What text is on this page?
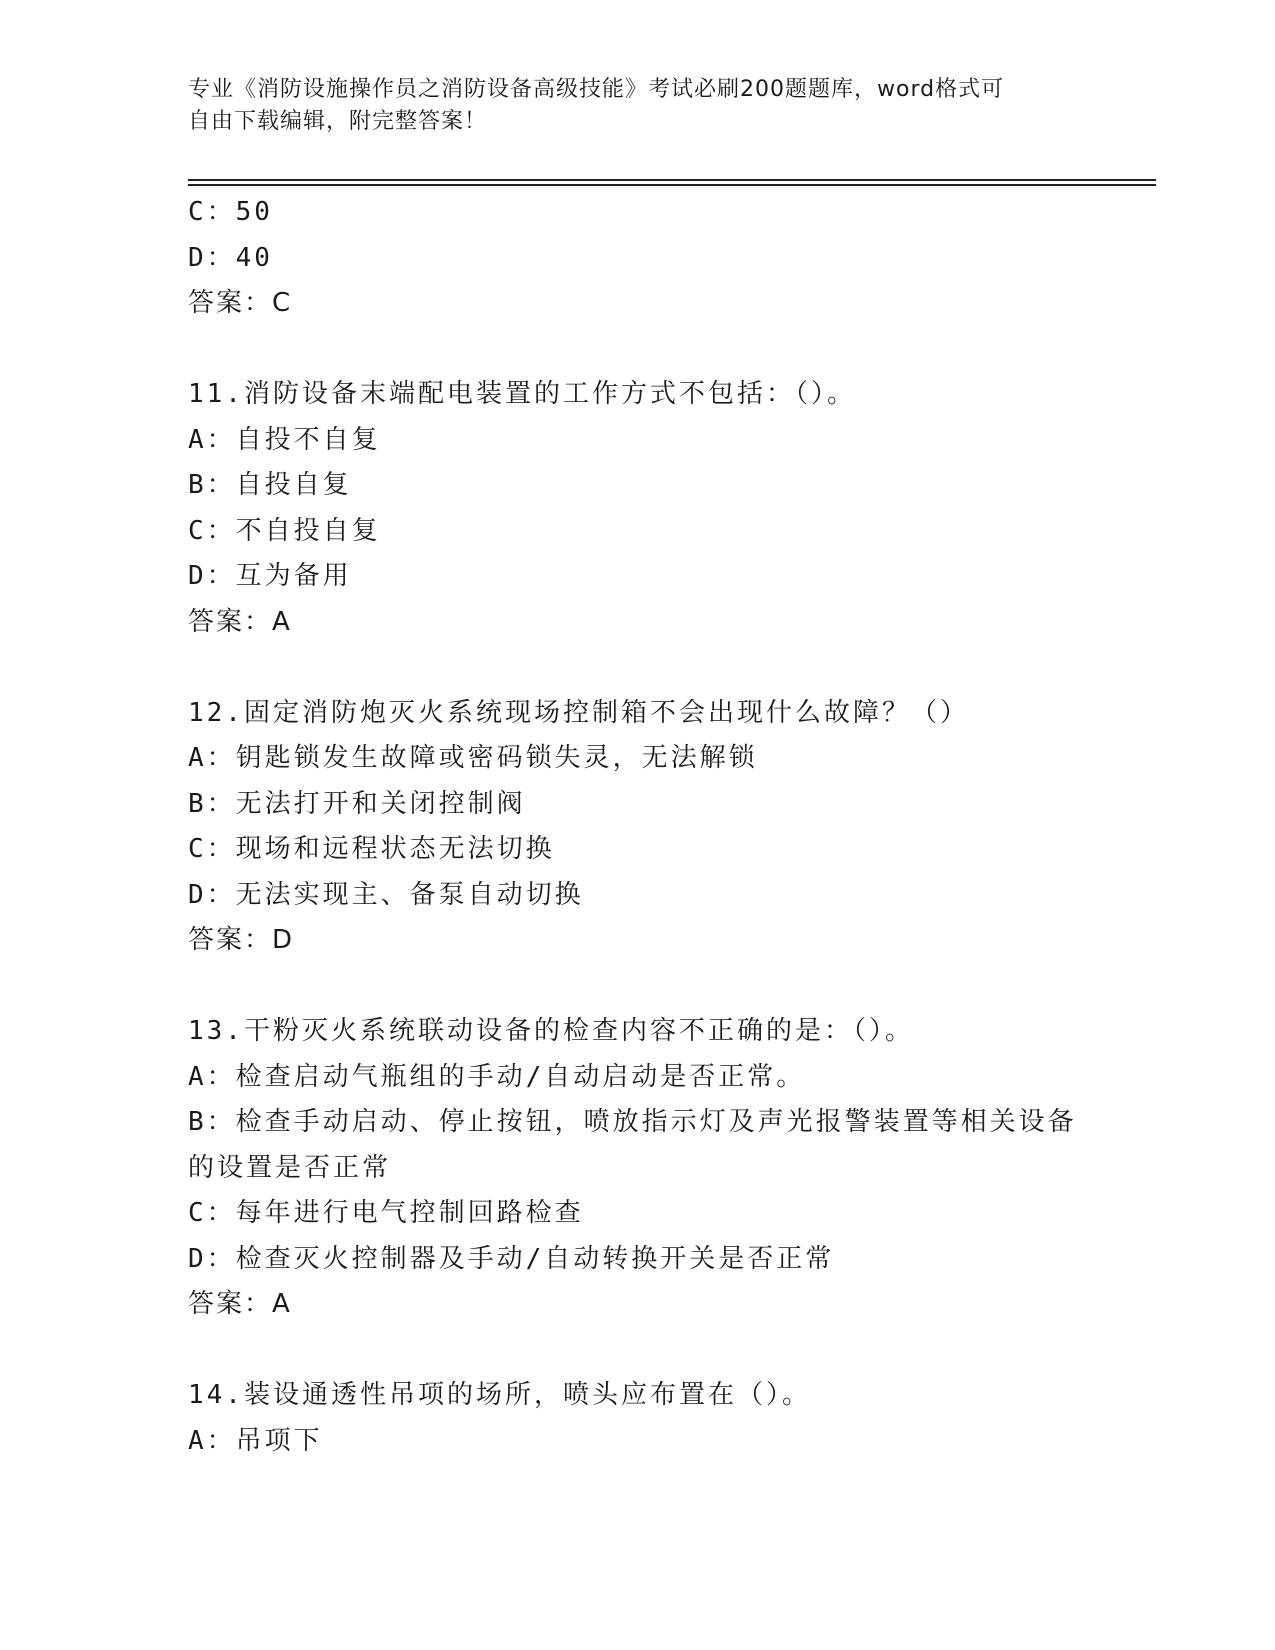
专业《消防设施操作员之消防设备高级技能》考试必刷200题题库，word格式可
自由下载编辑，附完整答案！
C：50
D：40
答案：C
11.消防设备末端配电装置的工作方式不包括：（）。
A：自投不自复
B：自投自复
C：不自投自复
D：互为备用
答案：A
12.固定消防炮灭火系统现场控制箱不会出现什么故障？（）
A：钥匙锁发生故障或密码锁失灵，无法解锁
B：无法打开和关闭控制阀
C：现场和远程状态无法切换
D：无法实现主、备泵自动切换
答案：D
13.干粉灭火系统联动设备的检查内容不正确的是：（）。
A：检查启动气瓶组的手动/自动启动是否正常。
B：检查手动启动、停止按钮，喷放指示灯及声光报警装置等相关设备
的设置是否正常
C：每年进行电气控制回路检查
D：检查灭火控制器及手动/自动转换开关是否正常
答案：A
14.装设通透性吊项的场所，喷头应布置在（）。
A：吊项下
